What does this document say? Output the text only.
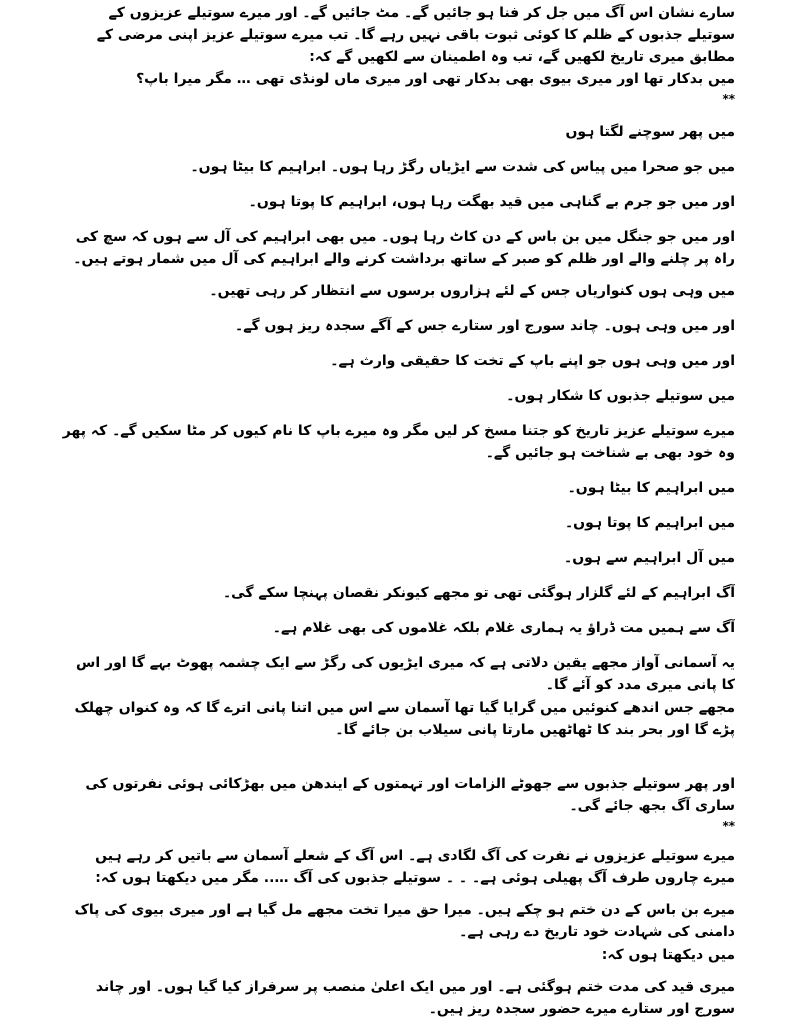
سارے نشان اس آگ میں جل کر فنا ہو جائیں گے۔ مٹ جائیں گے۔ اور میرے سوتیلے عزیزوں کے سوتیلے جذبوں کے ظلم کا کوئی ثبوت باقی نہیں رہے گا۔ تب میرے سوتیلے عزیز اپنی مرضی کے مطابق میری تاریخ لکھیں گے، تب وہ اطمینان سے لکھیں گے کہ:

میں بدکار تھا اور میری بیوی بھی بدکار تھی اور میری ماں لونڈی تھی … مگر میرا باپ؟

**

میں پھر سوچنے لگتا ہوں

میں جو صحرا میں پیاس کی شدت سے ایڑیاں رگڑ رہا ہوں۔ ابراہیم کا بیٹا ہوں۔

اور میں جو جرم بے گناہی میں قید بھگت رہا ہوں، ابراہیم کا پوتا ہوں۔

اور میں جو جنگل میں بن باس کے دن کاٹ رہا ہوں۔ میں بھی ابراہیم کی آل سے ہوں کہ سچ کی راہ پر چلنے والے اور ظلم کو صبر کے ساتھ برداشت کرنے والے ابراہیم کی آل میں شمار ہوتے ہیں۔

میں وہی ہوں کنواریاں جس کے لئے ہزاروں برسوں سے انتظار کر رہی تھیں۔

اور میں وہی ہوں۔ چاند سورج اور ستارے جس کے آگے سجدہ ریز ہوں گے۔

اور میں وہی ہوں جو اپنے باپ کے تخت کا حقیقی وارث ہے۔

میں سوتیلے جذبوں کا شکار ہوں۔

میرے سوتیلے عزیز تاریخ کو جتنا مسخ کر لیں مگر وہ میرے باپ کا نام کیوں کر مٹا سکیں گے۔ کہ پھر وہ خود بھی بے شناخت ہو جائیں گے۔

میں ابراہیم کا بیٹا ہوں۔

میں ابراہیم کا پوتا ہوں۔

میں آل ابراہیم سے ہوں۔

آگ ابراہیم کے لئے گلزار ہوگئی تھی تو مجھے کیونکر نقصان پہنچا سکے گی۔

آگ سے ہمیں مت ڈراؤ یہ ہماری غلام بلکہ غلاموں کی بھی غلام ہے۔

یہ آسمانی آواز مجھے یقین دلاتی ہے کہ میری ایڑیوں کی رگڑ سے ایک چشمہ پھوٹ بہے گا اور اس کا پانی میری مدد کو آئے گا۔

مجھے جس اندھے کنوئیں میں گرایا گیا تھا آسمان سے اس میں اتنا پانی اترے گا کہ وہ کنواں چھلک پڑے گا اور بحر بند کا ٹھاٹھیں مارتا پانی سیلاب بن جائے گا۔

اور پھر سوتیلے جذبوں سے جھوٹے الزامات اور تہمتوں کے ایندھن میں بھڑکائی ہوئی نفرتوں کی ساری آگ بجھ جائے گی۔

**

میرے سوتیلے عزیزوں نے نفرت کی آگ لگادی ہے۔ اس آگ کے شعلے آسمان سے باتیں کر رہے ہیں میرے چاروں طرف آگ پھیلی ہوئی ہے۔ ۔ ۔ سوتیلے جذبوں کی آگ ….. مگر میں دیکھتا ہوں کہ:

میرے بن باس کے دن ختم ہو چکے ہیں۔ میرا حق میرا تخت مجھے مل گیا ہے اور میری بیوی کی پاک دامنی کی شہادت خود تاریخ دے رہی ہے۔

میں دیکھتا ہوں کہ:

میری قید کی مدت ختم ہوگئی ہے۔ اور میں ایک اعلیٰ منصب پر سرفراز کیا گیا ہوں۔ اور چاند سورج اور ستارے میرے حضور سجدہ ریز ہیں۔
